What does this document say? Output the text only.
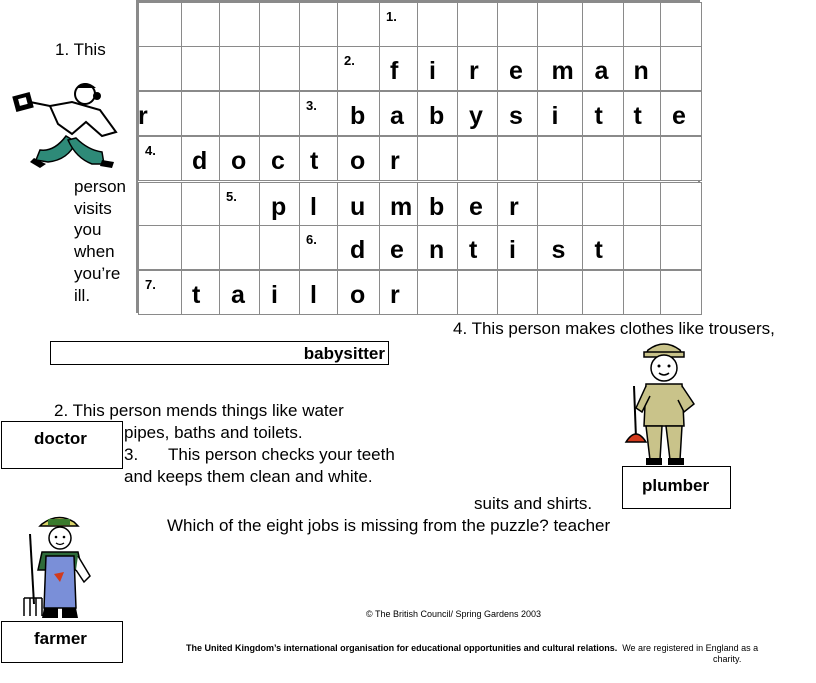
1.
2. f i r e m a n
3. b a b y s i t t e
r
4. d o c t o r
5. p l u m b e r
6. d e n t i s t
7. t a i l o r
1. This
person
visits
you
when
you’re
ill.
4. This person makes clothes like trousers,
suits and shirts.
babysitter
2. This person mends things like water
pipes, baths and toilets.
doctor
3. This person checks your teeth
and keeps them clean and white.
Which of the eight jobs is missing from the puzzle? teacher
plumber
farmer
© The British Council/ Spring Gardens 2003
The United Kingdom’s international organisation for educational opportunities and cultural relations. We are registered in England as a
charity.
